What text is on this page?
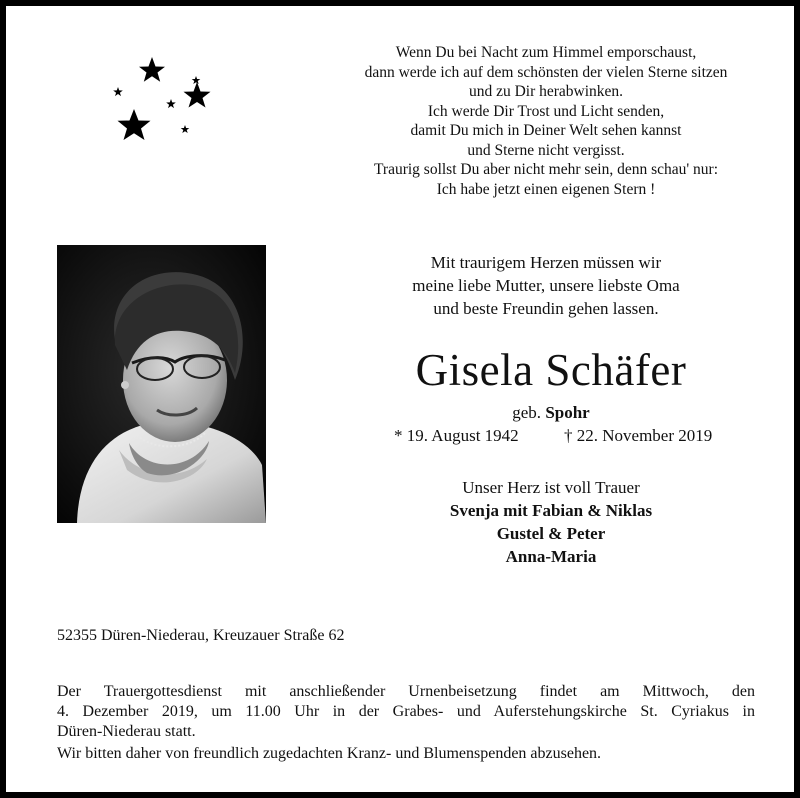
Wenn Du bei Nacht zum Himmel emporschaust,
dann werde ich auf dem schönsten der vielen Sterne sitzen
und zu Dir herabwinken.
Ich werde Dir Trost und Licht senden,
damit Du mich in Deiner Welt sehen kannst
und Sterne nicht vergisst.
Traurig sollst Du aber nicht mehr sein, denn schau' nur:
Ich habe jetzt einen eigenen Stern !
Mit traurigem Herzen müssen wir
meine liebe Mutter, unsere liebste Oma
und beste Freundin gehen lassen.
Gisela Schäfer
geb. Spohr
* 19. August 1942	† 22. November 2019
Unser Herz ist voll Trauer
Svenja mit Fabian & Niklas
Gustel & Peter
Anna-Maria
52355 Düren-Niederau, Kreuzauer Straße 62
Der Trauergottesdienst mit anschließender Urnenbeisetzung findet am Mittwoch, den
4. Dezember 2019, um 11.00 Uhr in der Grabes- und Auferstehungskirche St. Cyriakus in
Düren-Niederau statt.
Wir bitten daher von freundlich zugedachten Kranz- und Blumenspenden abzusehen.
